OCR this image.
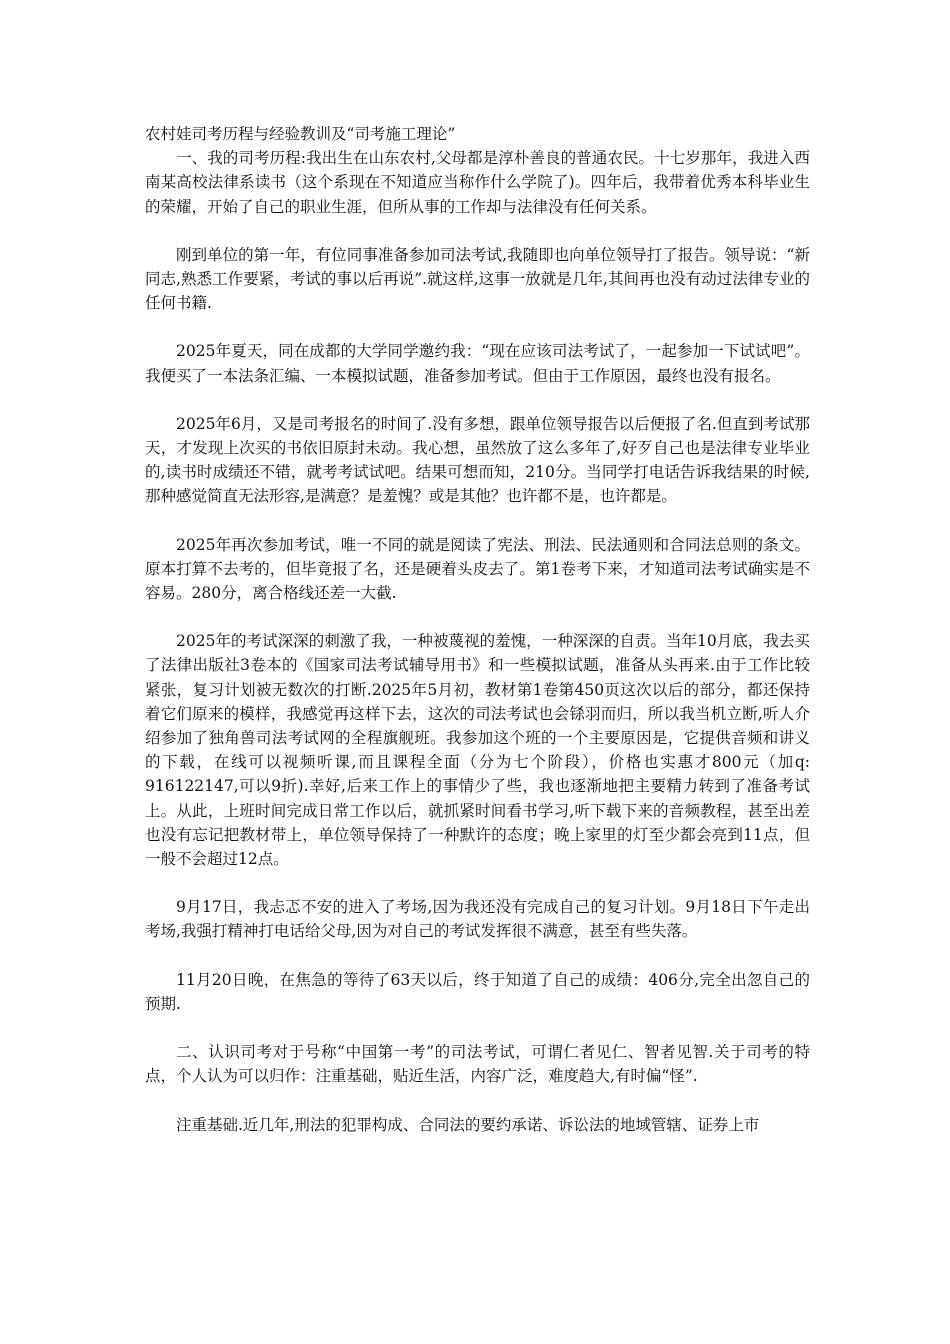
农村娃司考历程与经验教训及“司考施工理论”

一、我的司考历程:我出生在山东农村,父母都是淳朴善良的普通农民。十七岁那年，我进入西南某高校法律系读书（这个系现在不知道应当称作什么学院了)。四年后，我带着优秀本科毕业生的荣耀，开始了自己的职业生涯，但所从事的工作却与法律没有任何关系。

刚到单位的第一年，有位同事准备参加司法考试,我随即也向单位领导打了报告。领导说：“新同志,熟悉工作要紧，考试的事以后再说”.就这样,这事一放就是几年,其间再也没有动过法律专业的任何书籍.

2025年夏天，同在成都的大学同学邀约我：“现在应该司法考试了，一起参加一下试试吧”。我便买了一本法条汇编、一本模拟试题，准备参加考试。但由于工作原因，最终也没有报名。

2025年6月，又是司考报名的时间了.没有多想，跟单位领导报告以后便报了名.但直到考试那天，才发现上次买的书依旧原封未动。我心想，虽然放了这么多年了,好歹自己也是法律专业毕业的,读书时成绩还不错，就考考试试吧。结果可想而知，210分。当同学打电话告诉我结果的时候,那种感觉简直无法形容,是满意？是羞愧？或是其他？也许都不是，也许都是。

2025年再次参加考试，唯一不同的就是阅读了宪法、刑法、民法通则和合同法总则的条文。原本打算不去考的，但毕竟报了名，还是硬着头皮去了。第1卷考下来，才知道司法考试确实是不容易。280分，离合格线还差一大截.

2025年的考试深深的刺激了我，一种被蔑视的羞愧，一种深深的自责。当年10月底，我去买了法律出版社3卷本的《国家司法考试辅导用书》和一些模拟试题，准备从头再来.由于工作比较紧张，复习计划被无数次的打断.2025年5月初，教材第1卷第450页这次以后的部分，都还保持着它们原来的模样，我感觉再这样下去，这次的司法考试也会铩羽而归，所以我当机立断,听人介绍参加了独角兽司法考试网的全程旗舰班。我参加这个班的一个主要原因是，它提供音频和讲义的下载，在线可以视频听课,而且课程全面（分为七个阶段），价格也实惠才800元（加q: 916122147,可以9折).幸好,后来工作上的事情少了些，我也逐渐地把主要精力转到了准备考试上。从此，上班时间完成日常工作以后，就抓紧时间看书学习,听下载下来的音频教程，甚至出差也没有忘记把教材带上，单位领导保持了一种默许的态度；晚上家里的灯至少都会亮到11点，但一般不会超过12点。

9月17日，我忐忑不安的进入了考场,因为我还没有完成自己的复习计划。9月18日下午走出考场,我强打精神打电话给父母,因为对自己的考试发挥很不满意，甚至有些失落。

11月20日晚，在焦急的等待了63天以后，终于知道了自己的成绩：406分,完全出忽自己的预期.

二、认识司考对于号称“中国第一考”的司法考试，可谓仁者见仁、智者见智.关于司考的特点，个人认为可以归作：注重基础，贴近生活，内容广泛，难度趋大,有时偏“怪”.

注重基础.近几年,刑法的犯罪构成、合同法的要约承诺、诉讼法的地域管辖、证券上市
